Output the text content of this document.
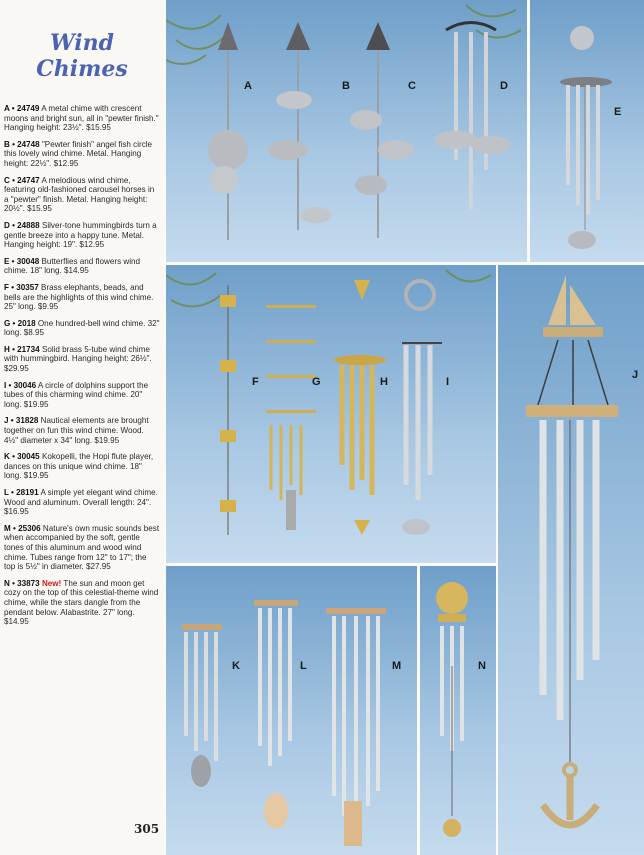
Wind
Chimes
A • 24749 A metal chime with crescent moons and bright sun, all in "pewter finish." Hanging height: 23½". $15.95
B • 24748 "Pewter finish" angel fish circle this lovely wind chime. Metal. Hanging height: 22½". $12.95
C • 24747 A melodious wind chime, featuring old-fashioned carousel horses in a "pewter" finish. Metal. Hanging height: 20½". $15.95
D • 24888 Silver-tone hummingbirds turn a gentle breeze into a happy tune. Metal. Hanging height: 19". $12.95
E • 30048 Butterflies and flowers wind chime. 18" long. $14.95
F • 30357 Brass elephants, beads, and bells are the highlights of this wind chime. 25" long. $9.95
G • 2018 One hundred-bell wind chime. 32" long. $8.95
H • 21734 Solid brass 5-tube wind chime with hummingbird. Hanging height: 26½". $29.95
I • 30046 A circle of dolphins support the tubes of this charming wind chime. 20" long. $19.95
J • 31828 Nautical elements are brought together on fun this wind chime. Wood. 4½" diameter x 34" long. $19.95
K • 30045 Kokopelli, the Hopi flute player, dances on this unique wind chime. 18" long. $19.95
L • 28191 A simple yet elegant wind chime. Wood and aluminum. Overall length: 24". $16.95
M • 25306 Nature's own music sounds best when accompanied by the soft, gentle tones of this aluminum and wood wind chime. Tubes range from 12" to 17"; the top is 5½" in diameter. $27.95
N • 33873 New! The sun and moon get cozy on the top of this celestial-theme wind chime, while the stars dangle from the pendant below. Alabastrite. 27" long. $14.95
305
A	B	C	D
E
F	G	H	I
J
K	L	M	N
